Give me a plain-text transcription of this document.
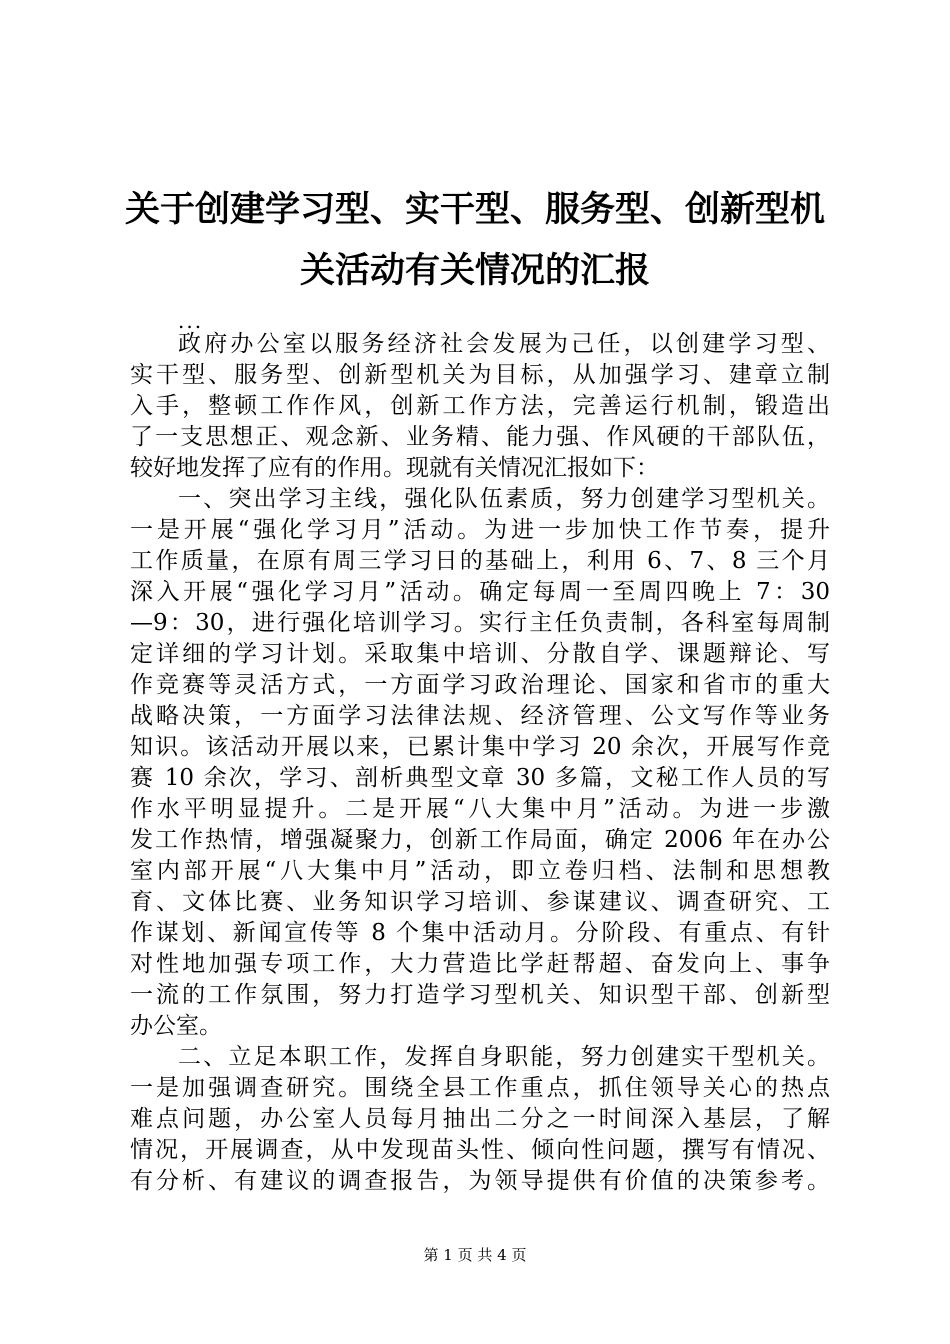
关于创建学习型、实干型、服务型、创新型机
关活动有关情况的汇报
...
政府办公室以服务经济社会发展为己任，以创建学习型、
实干型、服务型、创新型机关为目标，从加强学习、建章立制
入手，整顿工作作风，创新工作方法，完善运行机制，锻造出
了一支思想正、观念新、业务精、能力强、作风硬的干部队伍，
较好地发挥了应有的作用。现就有关情况汇报如下：
一、突出学习主线，强化队伍素质，努力创建学习型机关。
一是开展“强化学习月”活动。为进一步加快工作节奏，提升
工作质量，在原有周三学习日的基础上，利用 6、7、8 三个月
深入开展“强化学习月”活动。确定每周一至周四晚上 7：30
—9：30，进行强化培训学习。实行主任负责制，各科室每周制
定详细的学习计划。采取集中培训、分散自学、课题辩论、写
作竞赛等灵活方式，一方面学习政治理论、国家和省市的重大
战略决策，一方面学习法律法规、经济管理、公文写作等业务
知识。该活动开展以来，已累计集中学习 20 余次，开展写作竞
赛 10 余次，学习、剖析典型文章 30 多篇，文秘工作人员的写
作水平明显提升。二是开展“八大集中月”活动。为进一步激
发工作热情，增强凝聚力，创新工作局面，确定 2006 年在办公
室内部开展“八大集中月”活动，即立卷归档、法制和思想教
育、文体比赛、业务知识学习培训、参谋建议、调查研究、工
作谋划、新闻宣传等 8 个集中活动月。分阶段、有重点、有针
对性地加强专项工作，大力营造比学赶帮超、奋发向上、事争
一流的工作氛围，努力打造学习型机关、知识型干部、创新型
办公室。
二、立足本职工作，发挥自身职能，努力创建实干型机关。
一是加强调查研究。围绕全县工作重点，抓住领导关心的热点
难点问题，办公室人员每月抽出二分之一时间深入基层，了解
情况，开展调查，从中发现苗头性、倾向性问题，撰写有情况、
有分析、有建议的调查报告，为领导提供有价值的决策参考。
第 1 页 共 4 页
